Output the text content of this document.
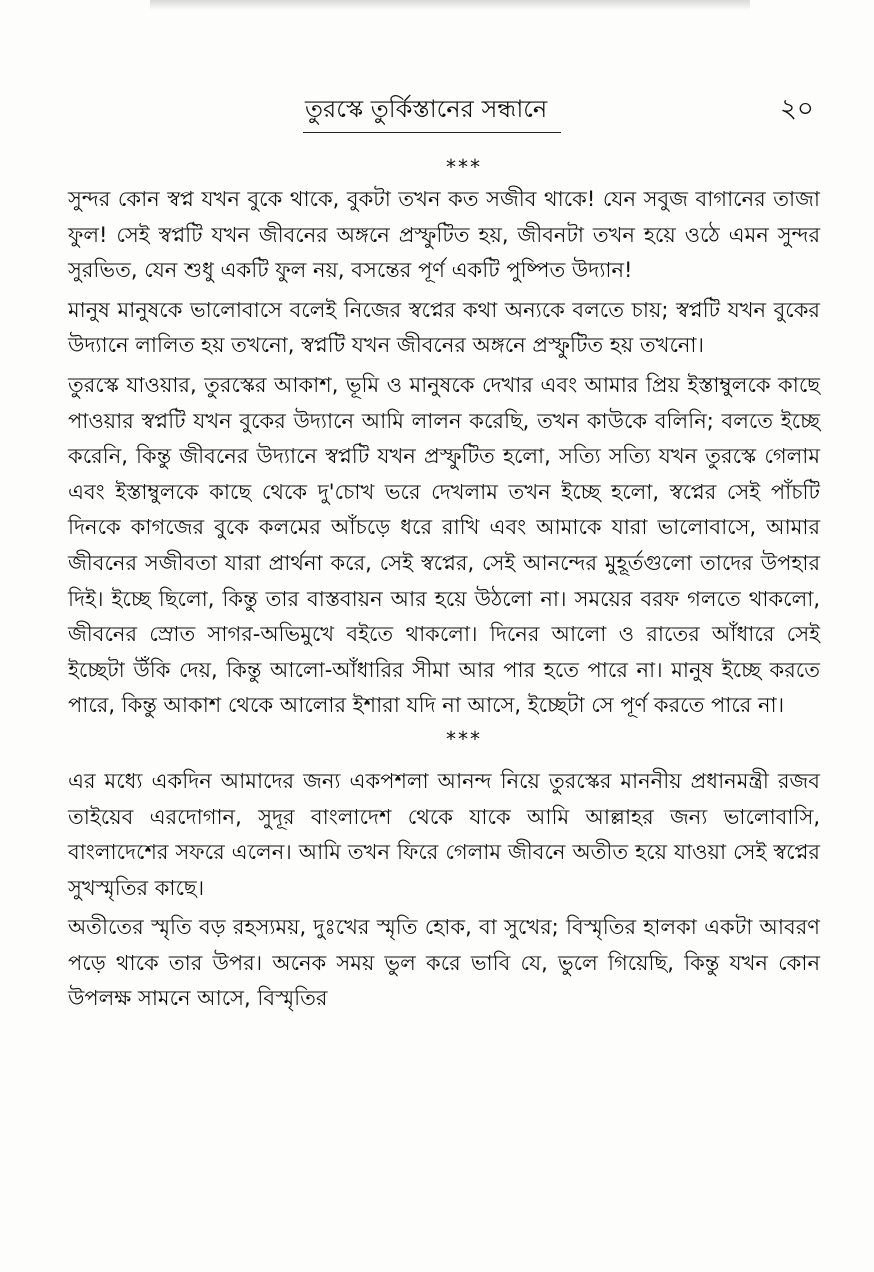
তুরস্কে তুর্কিস্তানের সন্ধানে	২০
***

সুন্দর কোন স্বপ্ন যখন বুকে থাকে, বুকটা তখন কত সজীব থাকে! যেন সবুজ বাগানের তাজা ফুল! সেই স্বপ্নটি যখন জীবনের অঙ্গনে প্রস্ফুটিত হয়, জীবনটা তখন হয়ে ওঠে এমন সুন্দর সুরভিত, যেন শুধু একটি ফুল নয়, বসন্তের পূর্ণ একটি পুষ্পিত উদ্যান!

মানুষ মানুষকে ভালোবাসে বলেই নিজের স্বপ্নের কথা অন্যকে বলতে চায়; স্বপ্নটি যখন বুকের উদ্যানে লালিত হয় তখনো, স্বপ্নটি যখন জীবনের অঙ্গনে প্রস্ফুটিত হয় তখনো।

তুরস্কে যাওয়ার, তুরস্কের আকাশ, ভূমি ও মানুষকে দেখার এবং আমার প্রিয় ইস্তাম্বুলকে কাছে পাওয়ার স্বপ্নটি যখন বুকের উদ্যানে আমি লালন করেছি, তখন কাউকে বলিনি; বলতে ইচ্ছে করেনি, কিন্তু জীবনের উদ্যানে স্বপ্নটি যখন প্রস্ফুটিত হলো, সত্যি সত্যি যখন তুরস্কে গেলাম এবং ইস্তাম্বুলকে কাছে থেকে দু'চোখ ভরে দেখলাম তখন ইচ্ছে হলো, স্বপ্নের সেই পাঁচটি দিনকে কাগজের বুকে কলমের আঁচড়ে ধরে রাখি এবং আমাকে যারা ভালোবাসে, আমার জীবনের সজীবতা যারা প্রার্থনা করে, সেই স্বপ্নের, সেই আনন্দের মুহূর্তগুলো তাদের উপহার দিই। ইচ্ছে ছিলো, কিন্তু তার বাস্তবায়ন আর হয়ে উঠলো না। সময়ের বরফ গলতে থাকলো, জীবনের স্রোত সাগর-অভিমুখে বইতে থাকলো। দিনের আলো ও রাতের আঁধারে সেই ইচ্ছেটা উঁকি দেয়, কিন্তু আলো-আঁধারির সীমা আর পার হতে পারে না। মানুষ ইচ্ছে করতে পারে, কিন্তু আকাশ থেকে আলোর ইশারা যদি না আসে, ইচ্ছেটা সে পূর্ণ করতে পারে না।

***

এর মধ্যে একদিন আমাদের জন্য একপশলা আনন্দ নিয়ে তুরস্কের মাননীয় প্রধানমন্ত্রী রজব তাইয়েব এরদোগান, সুদূর বাংলাদেশ থেকে যাকে আমি আল্লাহর জন্য ভালোবাসি, বাংলাদেশের সফরে এলেন। আমি তখন ফিরে গেলাম জীবনে অতীত হয়ে যাওয়া সেই স্বপ্নের সুখস্মৃতির কাছে।

অতীতের স্মৃতি বড় রহস্যময়, দুঃখের স্মৃতি হোক, বা সুখের; বিস্মৃতির হালকা একটা আবরণ পড়ে থাকে তার উপর। অনেক সময় ভুল করে ভাবি যে, ভুলে গিয়েছি, কিন্তু যখন কোন উপলক্ষ সামনে আসে, বিস্মৃতির
